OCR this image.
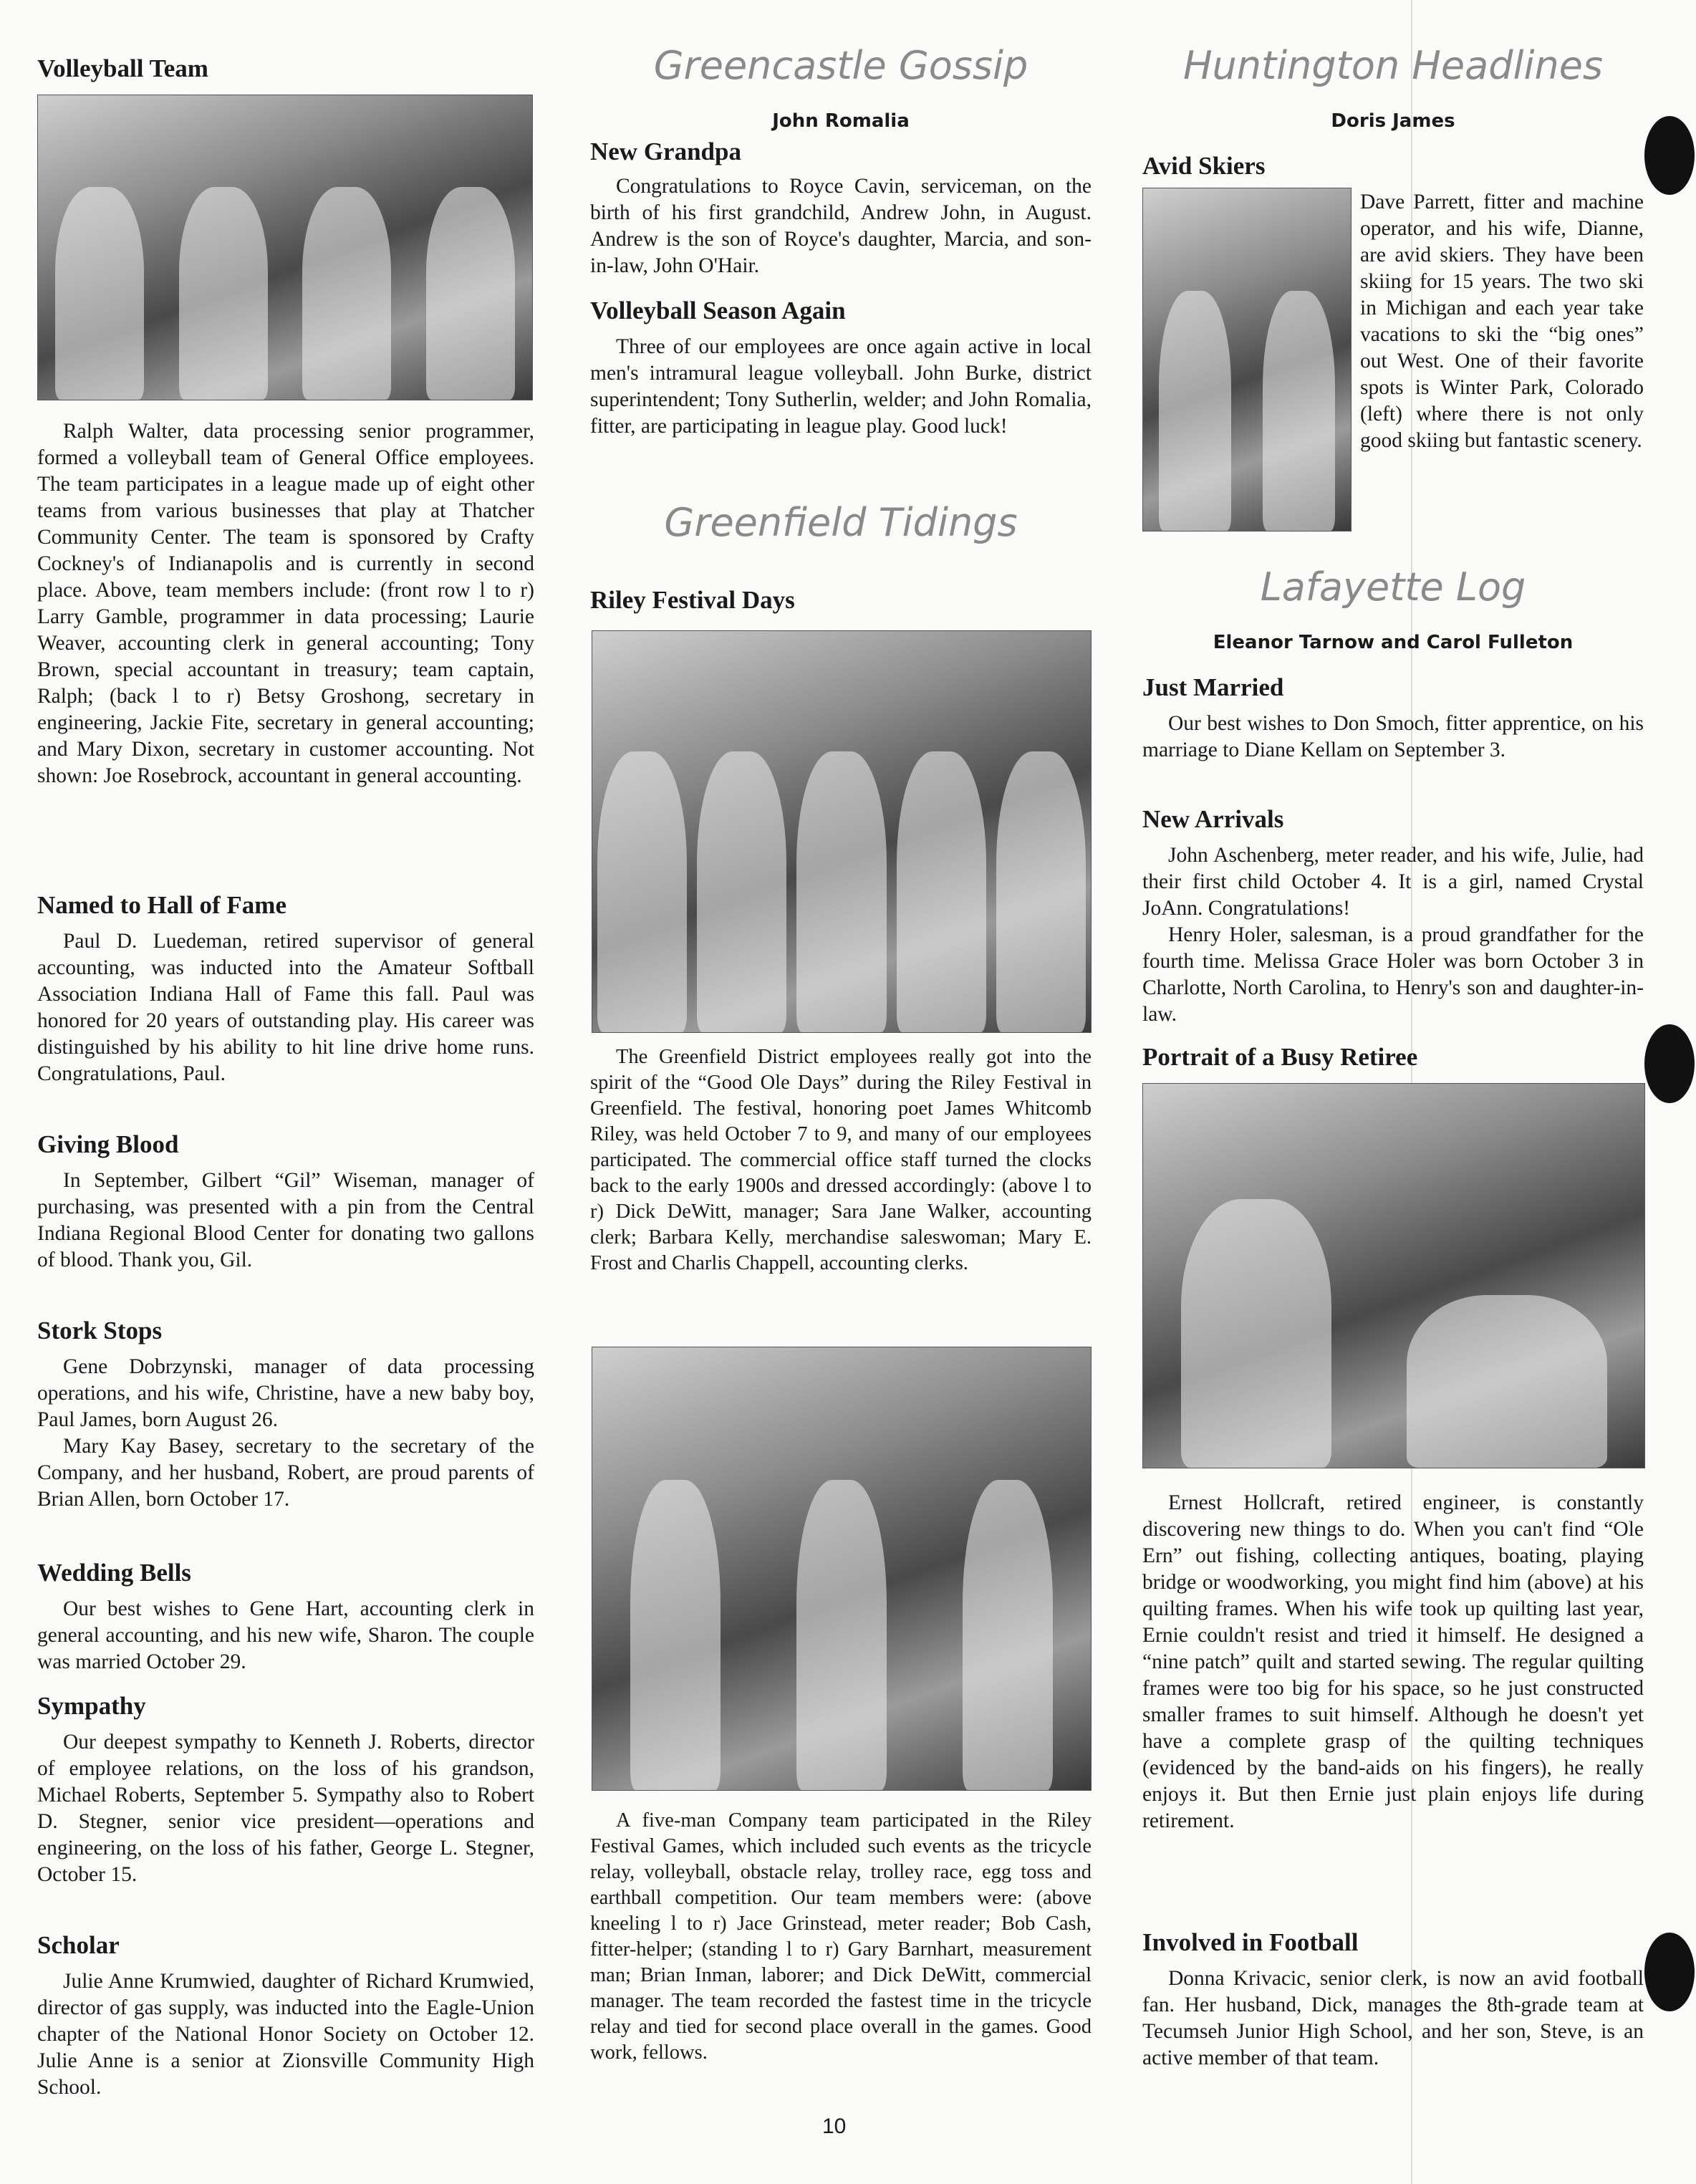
Volleyball Team

Ralph Walter, data processing senior programmer, formed a volleyball team of General Office employees. The team participates in a league made up of eight other teams from various businesses that play at Thatcher Community Center. The team is sponsored by Crafty Cockney's of Indianapolis and is currently in second place. Above, team members include: (front row l to r) Larry Gamble, programmer in data processing; Laurie Weaver, accounting clerk in general accounting; Tony Brown, special accountant in treasury; team captain, Ralph; (back l to r) Betsy Groshong, secretary in engineering, Jackie Fite, secretary in general accounting; and Mary Dixon, secretary in customer accounting. Not shown: Joe Rosebrock, accountant in general accounting.

Named to Hall of Fame

Paul D. Luedeman, retired supervisor of general accounting, was inducted into the Amateur Softball Association Indiana Hall of Fame this fall. Paul was honored for 20 years of outstanding play. His career was distinguished by his ability to hit line drive home runs. Congratulations, Paul.

Giving Blood

In September, Gilbert “Gil” Wiseman, manager of purchasing, was presented with a pin from the Central Indiana Regional Blood Center for donating two gallons of blood. Thank you, Gil.

Stork Stops

Gene Dobrzynski, manager of data processing operations, and his wife, Christine, have a new baby boy, Paul James, born August 26.

Mary Kay Basey, secretary to the secretary of the Company, and her husband, Robert, are proud parents of Brian Allen, born October 17.

Wedding Bells

Our best wishes to Gene Hart, accounting clerk in general accounting, and his new wife, Sharon. The couple was married October 29.

Sympathy

Our deepest sympathy to Kenneth J. Roberts, director of employee relations, on the loss of his grandson, Michael Roberts, September 5. Sympathy also to Robert D. Stegner, senior vice president—operations and engineering, on the loss of his father, George L. Stegner, October 15.

Scholar

Julie Anne Krumwied, daughter of Richard Krumwied, director of gas supply, was inducted into the Eagle-Union chapter of the National Honor Society on October 12. Julie Anne is a senior at Zionsville Community High School.

Greencastle Gossip
John Romalia
New Grandpa

Congratulations to Royce Cavin, serviceman, on the birth of his first grandchild, Andrew John, in August. Andrew is the son of Royce's daughter, Marcia, and son-in-law, John O'Hair.

Volleyball Season Again

Three of our employees are once again active in local men's intramural league volleyball. John Burke, district superintendent; Tony Sutherlin, welder; and John Romalia, fitter, are participating in league play. Good luck!

Greenfield Tidings
Riley Festival Days

The Greenfield District employees really got into the spirit of the “Good Ole Days” during the Riley Festival in Greenfield. The festival, honoring poet James Whitcomb Riley, was held October 7 to 9, and many of our employees participated. The commercial office staff turned the clocks back to the early 1900s and dressed accordingly: (above l to r) Dick DeWitt, manager; Sara Jane Walker, accounting clerk; Barbara Kelly, merchandise saleswoman; Mary E. Frost and Charlis Chappell, accounting clerks.

A five-man Company team participated in the Riley Festival Games, which included such events as the tricycle relay, volleyball, obstacle relay, trolley race, egg toss and earthball competition. Our team members were: (above kneeling l to r) Jace Grinstead, meter reader; Bob Cash, fitter-helper; (standing l to r) Gary Barnhart, measurement man; Brian Inman, laborer; and Dick DeWitt, commercial manager. The team recorded the fastest time in the tricycle relay and tied for second place overall in the games. Good work, fellows.

Huntington Headlines
Doris James
Avid Skiers

Dave Parrett, fitter and machine operator, and his wife, Dianne, are avid skiers. They have been skiing for 15 years. The two ski in Michigan and each year take vacations to ski the “big ones” out West. One of their favorite spots is Winter Park, Colorado (left) where there is not only good skiing but fantastic scenery.

Lafayette Log
Eleanor Tarnow and Carol Fulleton
Just Married

Our best wishes to Don Smoch, fitter apprentice, on his marriage to Diane Kellam on September 3.

New Arrivals

John Aschenberg, meter reader, and his wife, Julie, had their first child October 4. It is a girl, named Crystal JoAnn. Congratulations!

Henry Holer, salesman, is a proud grandfather for the fourth time. Melissa Grace Holer was born October 3 in Charlotte, North Carolina, to Henry's son and daughter-in-law.

Portrait of a Busy Retiree

Ernest Hollcraft, retired engineer, is constantly discovering new things to do. When you can't find “Ole Ern” out fishing, collecting antiques, boating, playing bridge or woodworking, you might find him (above) at his quilting frames. When his wife took up quilting last year, Ernie couldn't resist and tried it himself. He designed a “nine patch” quilt and started sewing. The regular quilting frames were too big for his space, so he just constructed smaller frames to suit himself. Although he doesn't yet have a complete grasp of the quilting techniques (evidenced by the band-aids on his fingers), he really enjoys it. But then Ernie just plain enjoys life during retirement.

Involved in Football

Donna Krivacic, senior clerk, is now an avid football fan. Her husband, Dick, manages the 8th-grade team at Tecumseh Junior High School, and her son, Steve, is an active member of that team.

10
